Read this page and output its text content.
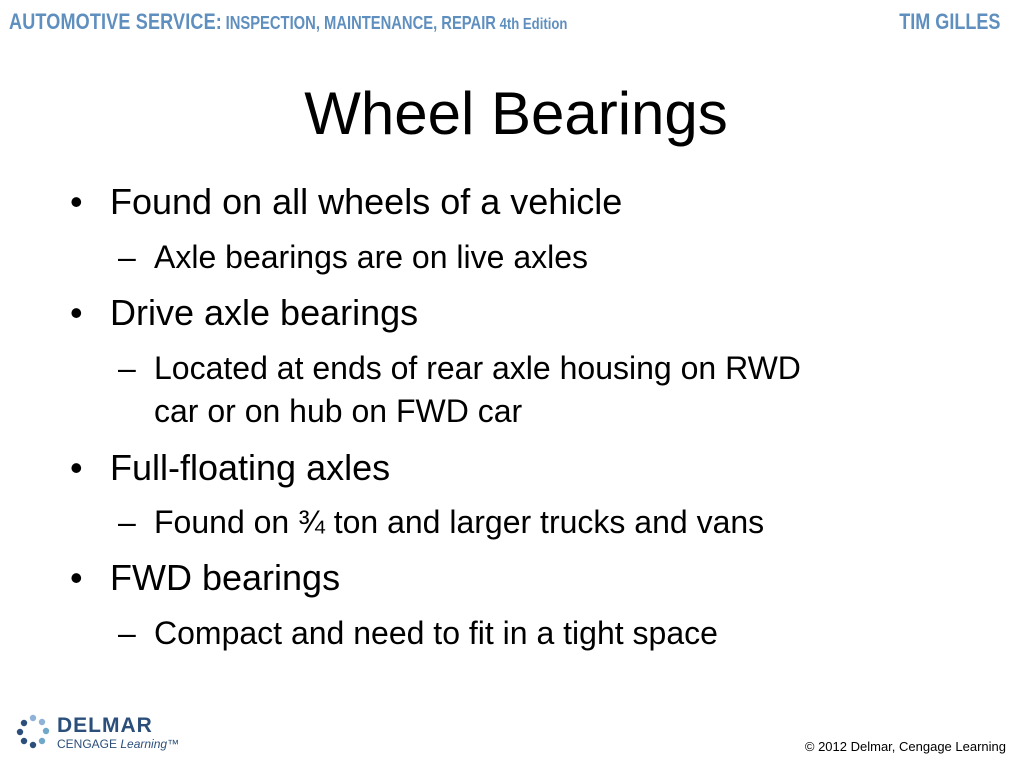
AUTOMOTIVE SERVICE: INSPECTION, MAINTENANCE, REPAIR 4th Edition	TIM GILLES
Wheel Bearings
• Found on all wheels of a vehicle
– Axle bearings are on live axles
• Drive axle bearings
– Located at ends of rear axle housing on RWD
car or on hub on FWD car
• Full-floating axles
– Found on ¾ ton and larger trucks and vans
• FWD bearings
– Compact and need to fit in a tight space
DELMAR
CENGAGE Learning™	© 2012 Delmar, Cengage Learning
